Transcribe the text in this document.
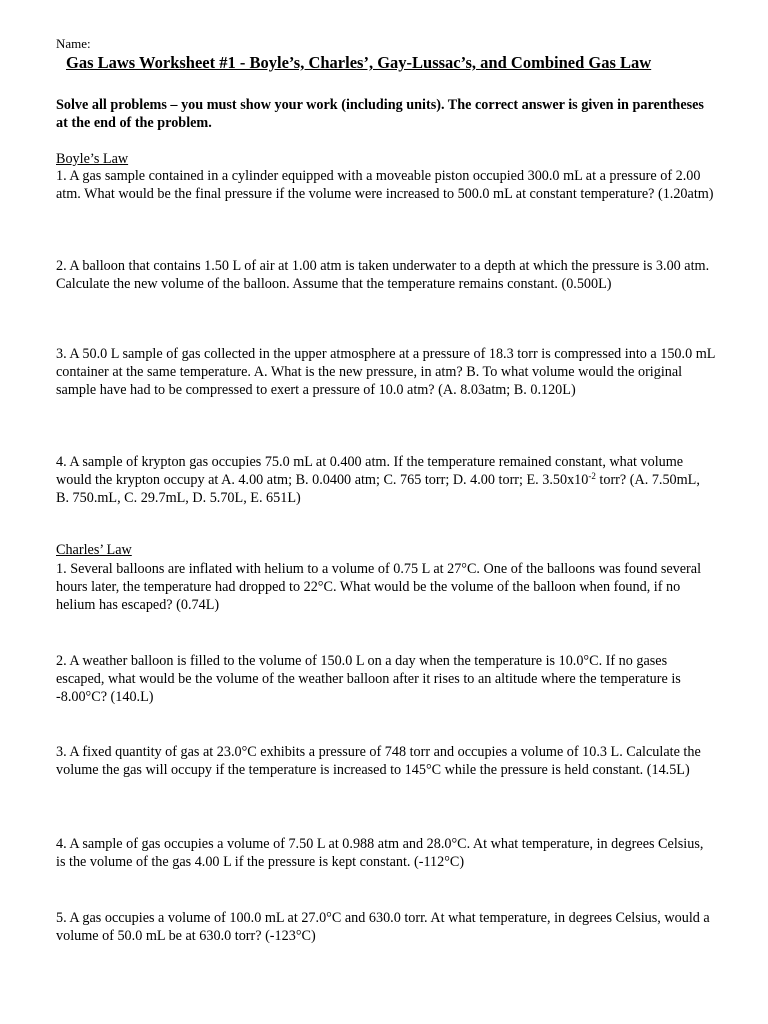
Name:
Gas Laws Worksheet #1 - Boyle’s, Charles’, Gay-Lussac’s, and Combined Gas Law
Solve all problems – you must show your work (including units). The correct answer is given in parentheses at the end of the problem.
Boyle’s Law
1. A gas sample contained in a cylinder equipped with a moveable piston occupied 300.0 mL at a pressure of 2.00 atm. What would be the final pressure if the volume were increased to 500.0 mL at constant temperature? (1.20atm)
2. A balloon that contains 1.50 L of air at 1.00 atm is taken underwater to a depth at which the pressure is 3.00 atm. Calculate the new volume of the balloon. Assume that the temperature remains constant. (0.500L)
3. A 50.0 L sample of gas collected in the upper atmosphere at a pressure of 18.3 torr is compressed into a 150.0 mL container at the same temperature. A. What is the new pressure, in atm? B. To what volume would the original sample have had to be compressed to exert a pressure of 10.0 atm? (A. 8.03atm; B. 0.120L)
4. A sample of krypton gas occupies 75.0 mL at 0.400 atm. If the temperature remained constant, what volume would the krypton occupy at A. 4.00 atm; B. 0.0400 atm; C. 765 torr; D. 4.00 torr; E. $3.50x10^{-2}$ torr? (A. 7.50mL, B. 750.mL, C. 29.7mL, D. 5.70L, E. 651L)
Charles’ Law
1. Several balloons are inflated with helium to a volume of 0.75 L at 27°C. One of the balloons was found several hours later, the temperature had dropped to 22°C. What would be the volume of the balloon when found, if no helium has escaped? (0.74L)
2. A weather balloon is filled to the volume of 150.0 L on a day when the temperature is 10.0°C. If no gases escaped, what would be the volume of the weather balloon after it rises to an altitude where the temperature is -8.00°C? (140.L)
3. A fixed quantity of gas at 23.0°C exhibits a pressure of 748 torr and occupies a volume of 10.3 L. Calculate the volume the gas will occupy if the temperature is increased to 145°C while the pressure is held constant. (14.5L)
4. A sample of gas occupies a volume of 7.50 L at 0.988 atm and 28.0°C. At what temperature, in degrees Celsius, is the volume of the gas 4.00 L if the pressure is kept constant. (-112°C)
5. A gas occupies a volume of 100.0 mL at 27.0°C and 630.0 torr. At what temperature, in degrees Celsius, would a volume of 50.0 mL be at 630.0 torr? (-123°C)
